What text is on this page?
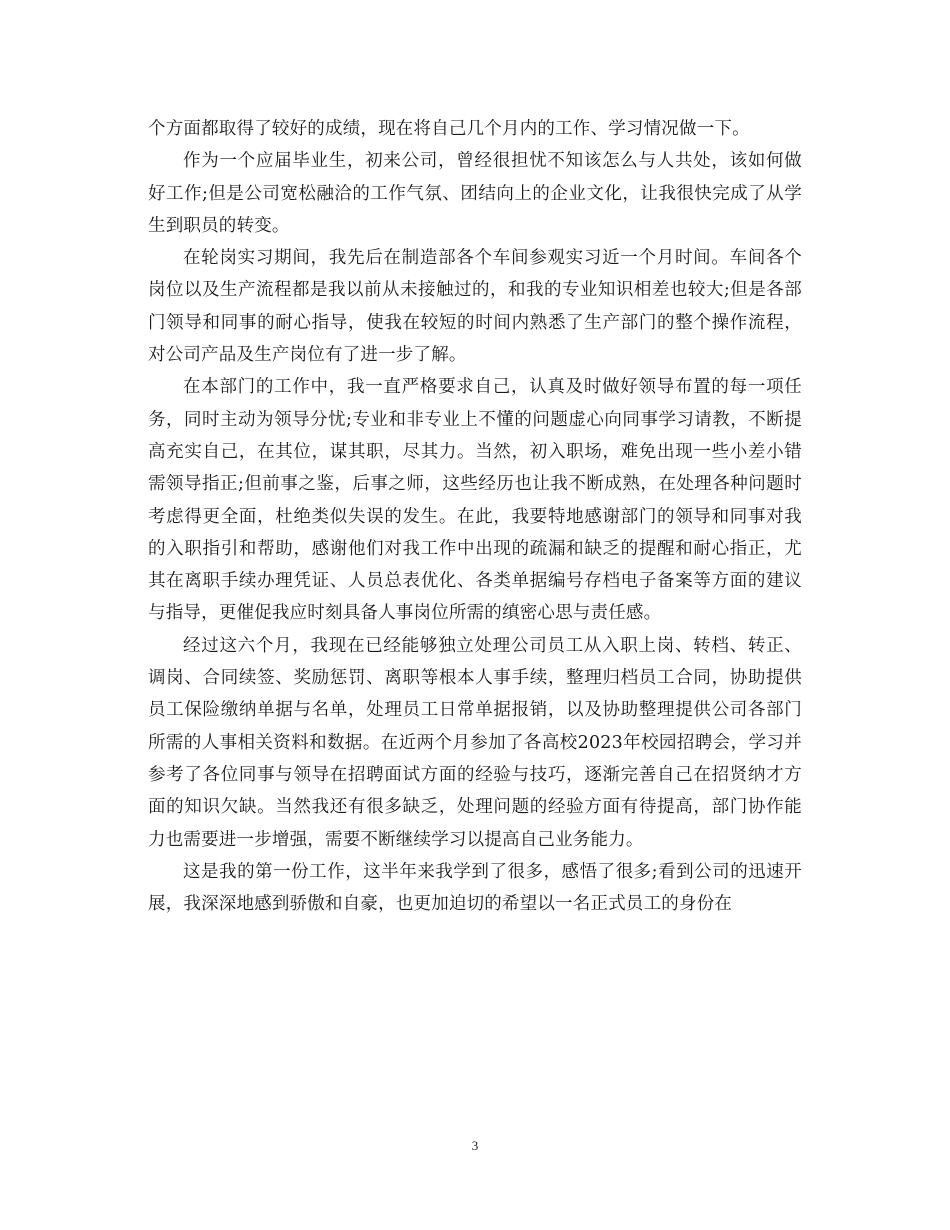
个方面都取得了较好的成绩，现在将自己几个月内的工作、学习情况做一下。

作为一个应届毕业生，初来公司，曾经很担忧不知该怎么与人共处，该如何做好工作;但是公司宽松融洽的工作气氛、团结向上的企业文化，让我很快完成了从学生到职员的转变。

在轮岗实习期间，我先后在制造部各个车间参观实习近一个月时间。车间各个岗位以及生产流程都是我以前从未接触过的，和我的专业知识相差也较大;但是各部门领导和同事的耐心指导，使我在较短的时间内熟悉了生产部门的整个操作流程，对公司产品及生产岗位有了进一步了解。

在本部门的工作中，我一直严格要求自己，认真及时做好领导布置的每一项任务，同时主动为领导分忧;专业和非专业上不懂的问题虚心向同事学习请教，不断提高充实自己，在其位，谋其职，尽其力。当然，初入职场，难免出现一些小差小错需领导指正;但前事之鉴，后事之师，这些经历也让我不断成熟，在处理各种问题时考虑得更全面，杜绝类似失误的发生。在此，我要特地感谢部门的领导和同事对我的入职指引和帮助，感谢他们对我工作中出现的疏漏和缺乏的提醒和耐心指正，尤其在离职手续办理凭证、人员总表优化、各类单据编号存档电子备案等方面的建议与指导，更催促我应时刻具备人事岗位所需的缜密心思与责任感。

经过这六个月，我现在已经能够独立处理公司员工从入职上岗、转档、转正、调岗、合同续签、奖励惩罚、离职等根本人事手续，整理归档员工合同，协助提供员工保险缴纳单据与名单，处理员工日常单据报销，以及协助整理提供公司各部门所需的人事相关资料和数据。在近两个月参加了各高校2023年校园招聘会，学习并参考了各位同事与领导在招聘面试方面的经验与技巧，逐渐完善自己在招贤纳才方面的知识欠缺。当然我还有很多缺乏，处理问题的经验方面有待提高，部门协作能力也需要进一步增强，需要不断继续学习以提高自己业务能力。

这是我的第一份工作，这半年来我学到了很多，感悟了很多;看到公司的迅速开展，我深深地感到骄傲和自豪，也更加迫切的希望以一名正式员工的身份在

3
